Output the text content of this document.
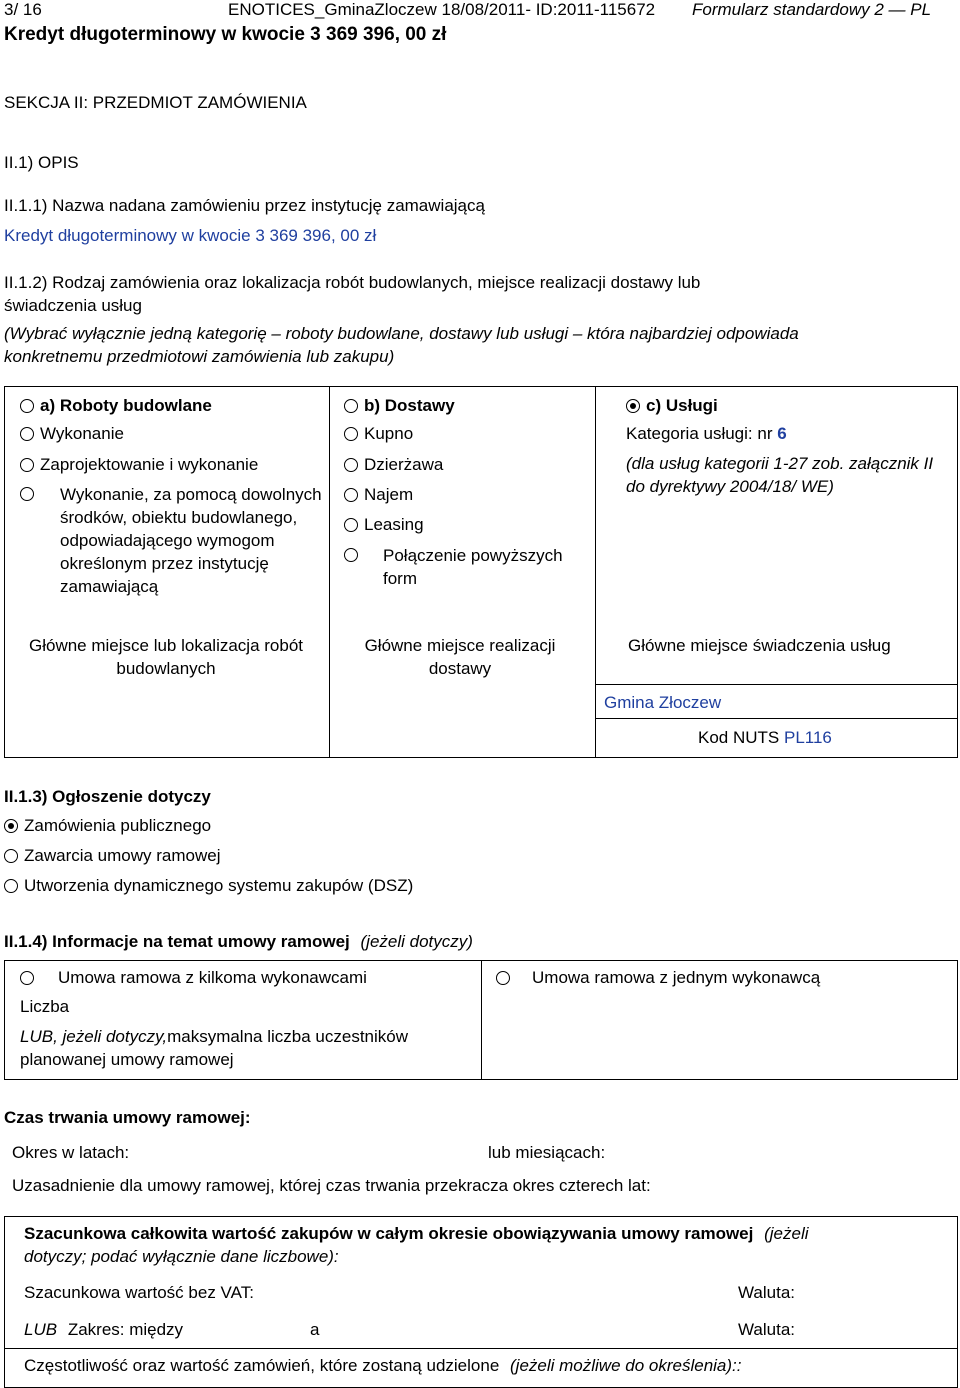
3/ 16	ENOTICES_GminaZloczew 18/08/2011- ID:2011-115672 Formularz standardowy 2 — PL
Kredyt długoterminowy w kwocie 3 369 396, 00 zł
SEKCJA II: PRZEDMIOT ZAMÓWIENIA
II.1) OPIS
II.1.1) Nazwa nadana zamówieniu przez instytucję zamawiającą
Kredyt długoterminowy w kwocie 3 369 396, 00 zł
II.1.2) Rodzaj zamówienia oraz lokalizacja robót budowlanych, miejsce realizacji dostawy lub
świadczenia usług
(Wybrać wyłącznie jedną kategorię – roboty budowlane, dostawy lub usługi – która najbardziej odpowiada
konkretnemu przedmiotowi zamówienia lub zakupu)
a) Roboty budowlane
Wykonanie
Zaprojektowanie i wykonanie
Wykonanie, za pomocą dowolnych środków, obiektu budowlanego, odpowiadającego wymogom określonym przez instytucję zamawiającą
Główne miejsce lub lokalizacja robót budowlanych
b) Dostawy
Kupno
Dzierżawa
Najem
Leasing
Połączenie powyższych form
Główne miejsce realizacji dostawy
c) Usługi
Kategoria usługi: nr 6
(dla usług kategorii 1-27 zob. załącznik II do dyrektywy 2004/18/ WE)
Główne miejsce świadczenia usług
Gmina Złoczew
Kod NUTS PL116
II.1.3) Ogłoszenie dotyczy
Zamówienia publicznego
Zawarcia umowy ramowej
Utworzenia dynamicznego systemu zakupów (DSZ)
II.1.4) Informacje na temat umowy ramowej (jeżeli dotyczy)
Umowa ramowa z kilkoma wykonawcami	Umowa ramowa z jednym wykonawcą
Liczba
LUB, jeżeli dotyczy,maksymalna liczba uczestników
planowanej umowy ramowej
Czas trwania umowy ramowej:
Okres w latach:	lub miesiącach:
Uzasadnienie dla umowy ramowej, której czas trwania przekracza okres czterech lat:
Szacunkowa całkowita wartość zakupów w całym okresie obowiązywania umowy ramowej (jeżeli
dotyczy; podać wyłącznie dane liczbowe):
Szacunkowa wartość bez VAT:	Waluta:
LUB Zakres: między	a	Waluta:
Częstotliwość oraz wartość zamówień, które zostaną udzielone (jeżeli możliwe do określenia)::
